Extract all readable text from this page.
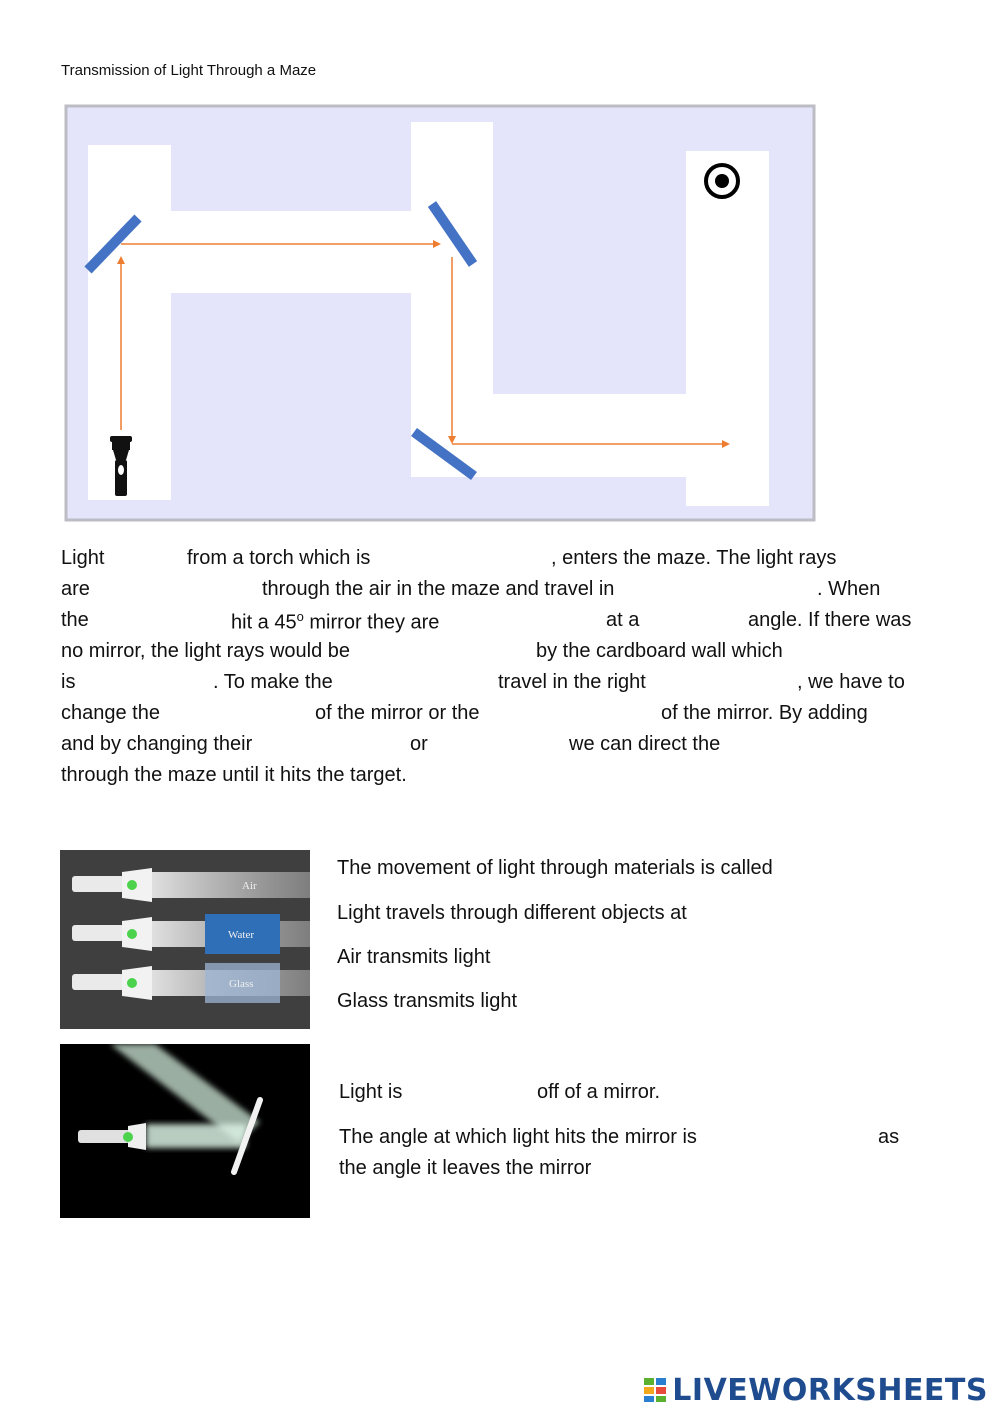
Transmission of Light Through a Maze
Light	from a torch which is	, enters the maze. The light rays
are	through the air in the maze and travel in	. When
the	hit a 45$^o$ mirror they are	at a	angle. If there was
no mirror, the light rays would be	by the cardboard wall which
is	. To make the	travel in the right	, we have to
change the	of the mirror or the	of the mirror. By adding
and by changing their	or	we can direct the
through the maze until it hits the target.
Air
Water
Glass
The movement of light through materials is called
Light travels through different objects at
Air transmits light
Glass transmits light
Light is	off of a mirror.
The angle at which light hits the mirror is	as
the angle it leaves the mirror
LIVEWORKSHEETS
